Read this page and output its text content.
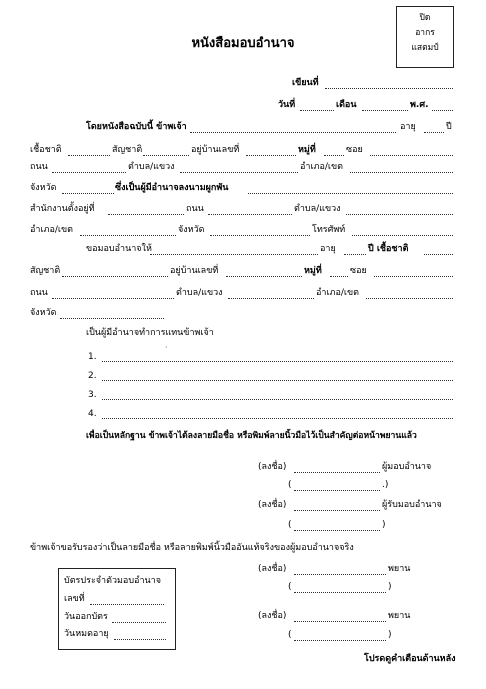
ปิด
อากร
แสตมป์
หนังสือมอบอำนาจ
เขียนที่
วันที่	เดือน	พ.ศ.
โดยหนังสือฉบับนี้ ข้าพเจ้า	อายุ	ปี
เชื้อชาติ	สัญชาติ	อยู่บ้านเลขที่	หมู่ที่	ซอย
ถนน	ตำบล/แขวง	อำเภอ/เขต
จังหวัด	ซึ่งเป็นผู้มีอำนาจลงนามผูกพัน
สำนักงานตั้งอยู่ที่	ถนน	ตำบล/แขวง
อำเภอ/เขต	จังหวัด	โทรศัพท์
ขอมอบอำนาจให้	อายุ	ปี เชื้อชาติ
สัญชาติ	อยู่บ้านเลขที่	หมู่ที่	ซอย
ถนน	ตำบล/แขวง	อำเภอ/เขต
จังหวัด
เป็นผู้มีอำนาจทำการแทนข้าพเจ้า
·
1.
2.
3.
4.
เพื่อเป็นหลักฐาน ข้าพเจ้าได้ลงลายมือชื่อ หรือพิมพ์ลายนิ้วมือไว้เป็นสำคัญต่อหน้าพยานแล้ว
(ลงชื่อ)	ผู้มอบอำนาจ
(	.)
(ลงชื่อ)	ผู้รับมอบอำนาจ
(	)
ข้าพเจ้าขอรับรองว่าเป็นลายมือชื่อ หรือลายพิมพ์นิ้วมืออันแท้จริงของผู้มอบอำนาจจริง
(ลงชื่อ)	พยาน
(	)
(ลงชื่อ)	พยาน
(	)
บัตรประจำตัวมอบอำนาจ
เลขที่
วันออกบัตร
วันหมดอายุ
โปรดดูคำเตือนด้านหลัง
